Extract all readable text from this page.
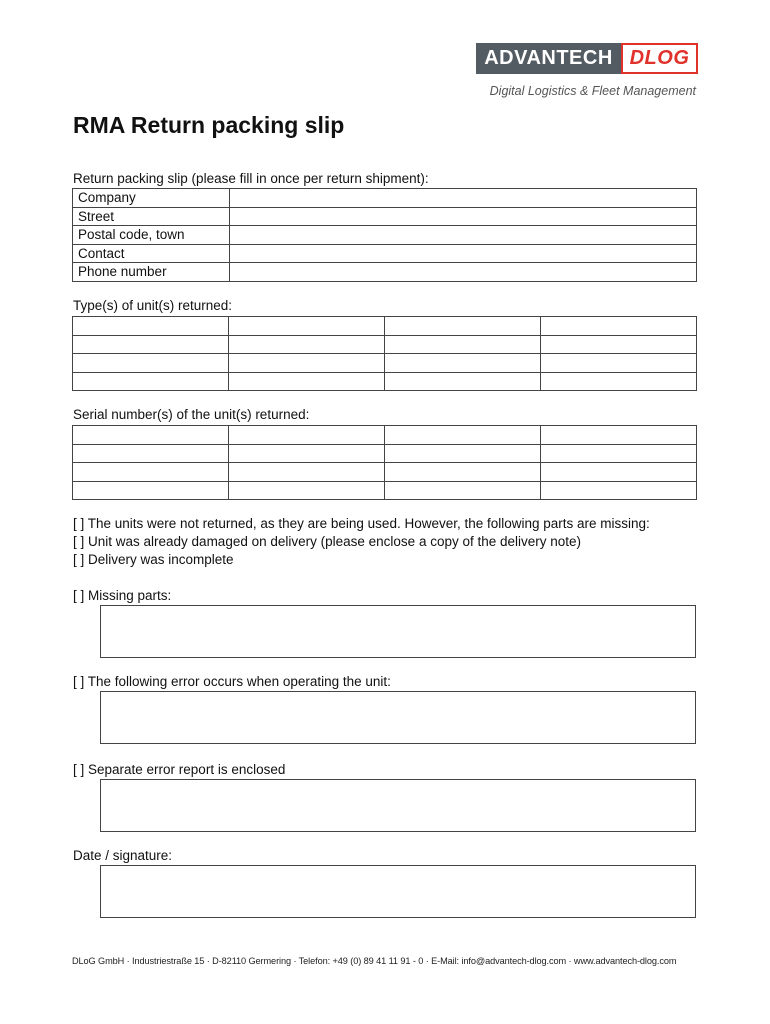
ADVANTECH DLOG
Digital Logistics & Fleet Management
RMA Return packing slip
Return packing slip (please fill in once per return shipment):
Company	
Street	
Postal code, town	
Contact	
Phone number	
Type(s) of unit(s) returned:

Serial number(s) of the unit(s) returned:

[ ] The units were not returned, as they are being used. However, the following parts are missing:
[ ] Unit was already damaged on delivery (please enclose a copy of the delivery note)
[ ] Delivery was incomplete
[ ] Missing parts:
[ ] The following error occurs when operating the unit:
[ ] Separate error report is enclosed
Date / signature:
DLoG GmbH · Industriestraße 15 · D-82110 Germering · Telefon: +49 (0) 89 41 11 91 - 0 · E-Mail: info@advantech-dlog.com · www.advantech-dlog.com
